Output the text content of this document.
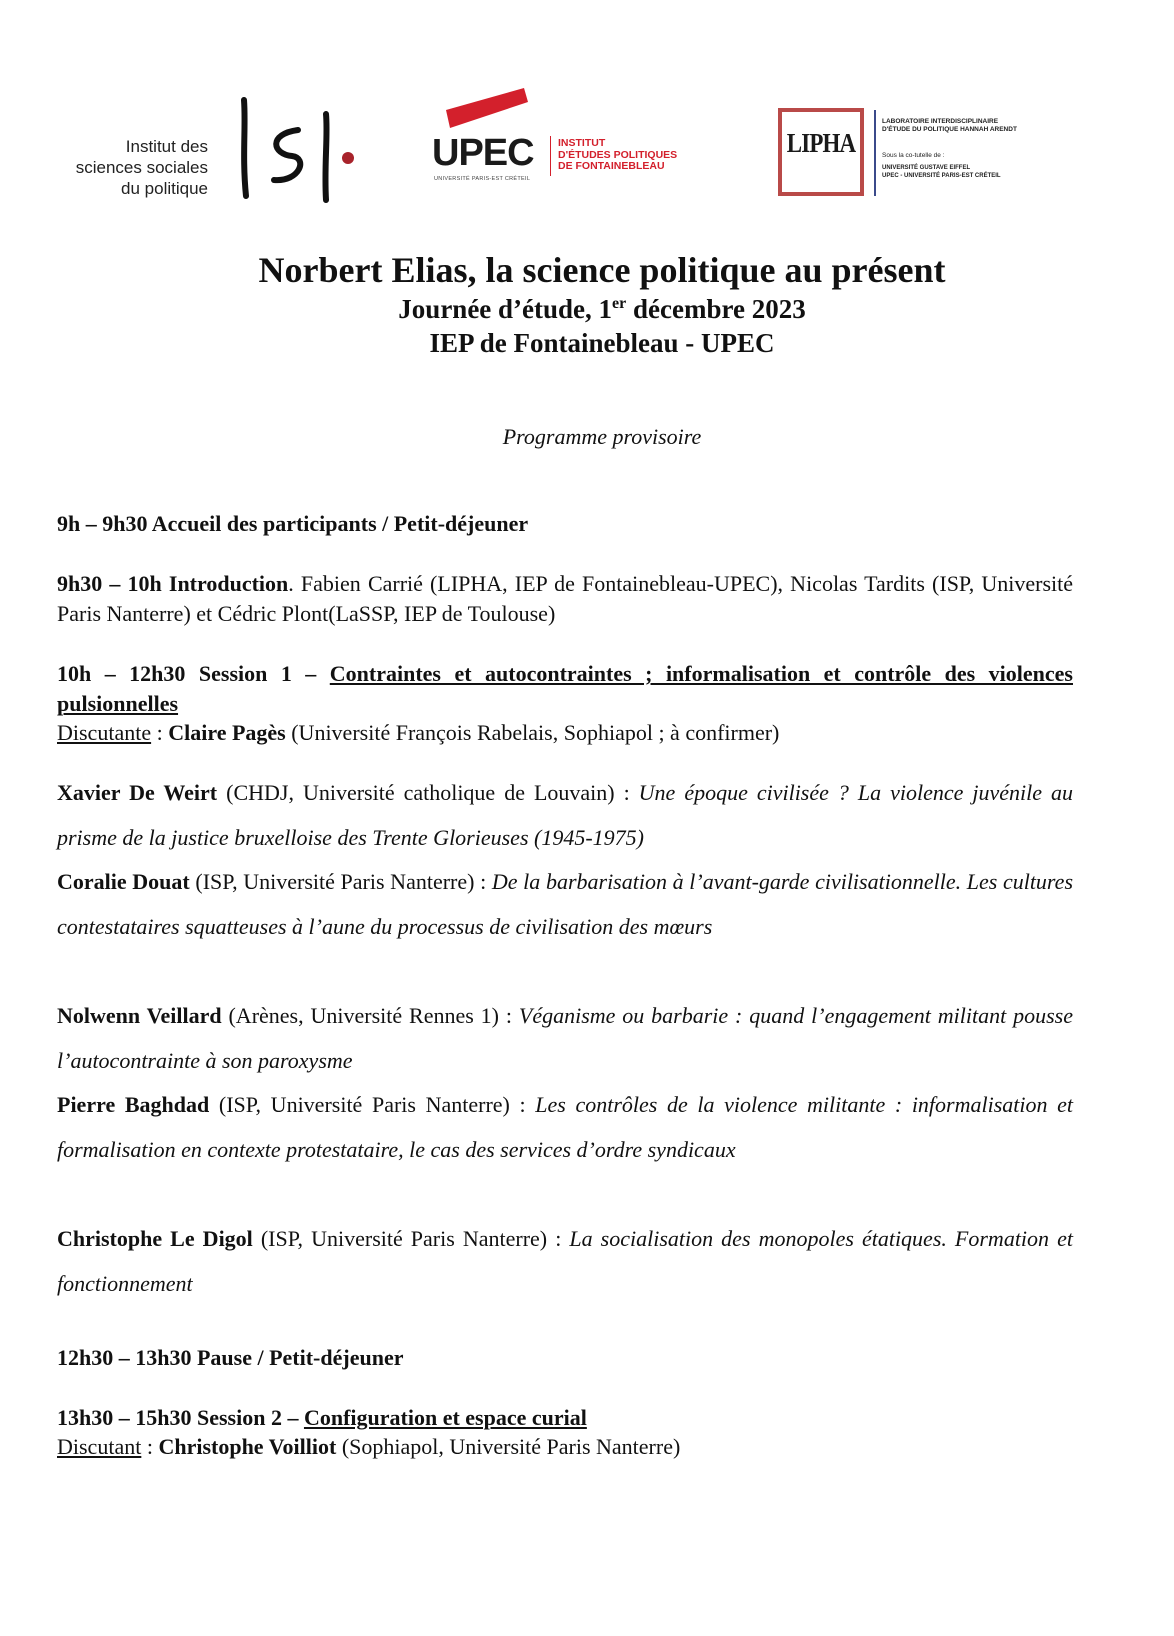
Institut des
sciences sociales
du politique
UPEC
UNIVERSITÉ PARIS-EST CRÉTEIL
INSTITUT
D'ÉTUDES POLITIQUES
DE FONTAINEBLEAU
LIPHA
LABORATOIRE INTERDISCIPLINAIRE
D'ÉTUDE DU POLITIQUE HANNAH ARENDT
Sous la co-tutelle de :
UNIVERSITÉ GUSTAVE EIFFEL
UPEC - UNIVERSITÉ PARIS-EST CRÉTEIL
Norbert Elias, la science politique au présent
Journée d’étude, 1er décembre 2023
IEP de Fontainebleau - UPEC
Programme provisoire
9h – 9h30 Accueil des participants / Petit-déjeuner
9h30 – 10h Introduction. Fabien Carrié (LIPHA, IEP de Fontainebleau-UPEC), Nicolas Tardits (ISP, Université Paris Nanterre) et Cédric Plont(LaSSP, IEP de Toulouse)
10h – 12h30 Session 1 – Contraintes et autocontraintes ; informalisation et contrôle des violences pulsionnelles
Discutante : Claire Pagès (Université François Rabelais, Sophiapol ; à confirmer)
Xavier De Weirt (CHDJ, Université catholique de Louvain) : Une époque civilisée ? La violence juvénile au prisme de la justice bruxelloise des Trente Glorieuses (1945-1975)
Coralie Douat (ISP, Université Paris Nanterre) : De la barbarisation à l’avant-garde civilisationnelle. Les cultures contestataires squatteuses à l’aune du processus de civilisation des mœurs
Nolwenn Veillard (Arènes, Université Rennes 1) : Véganisme ou barbarie : quand l’engagement militant pousse l’autocontrainte à son paroxysme
Pierre Baghdad (ISP, Université Paris Nanterre) : Les contrôles de la violence militante : informalisation et formalisation en contexte protestataire, le cas des services d’ordre syndicaux
Christophe Le Digol (ISP, Université Paris Nanterre) : La socialisation des monopoles étatiques. Formation et fonctionnement
12h30 – 13h30 Pause / Petit-déjeuner
13h30 – 15h30 Session 2 – Configuration et espace curial
Discutant : Christophe Voilliot (Sophiapol, Université Paris Nanterre)
